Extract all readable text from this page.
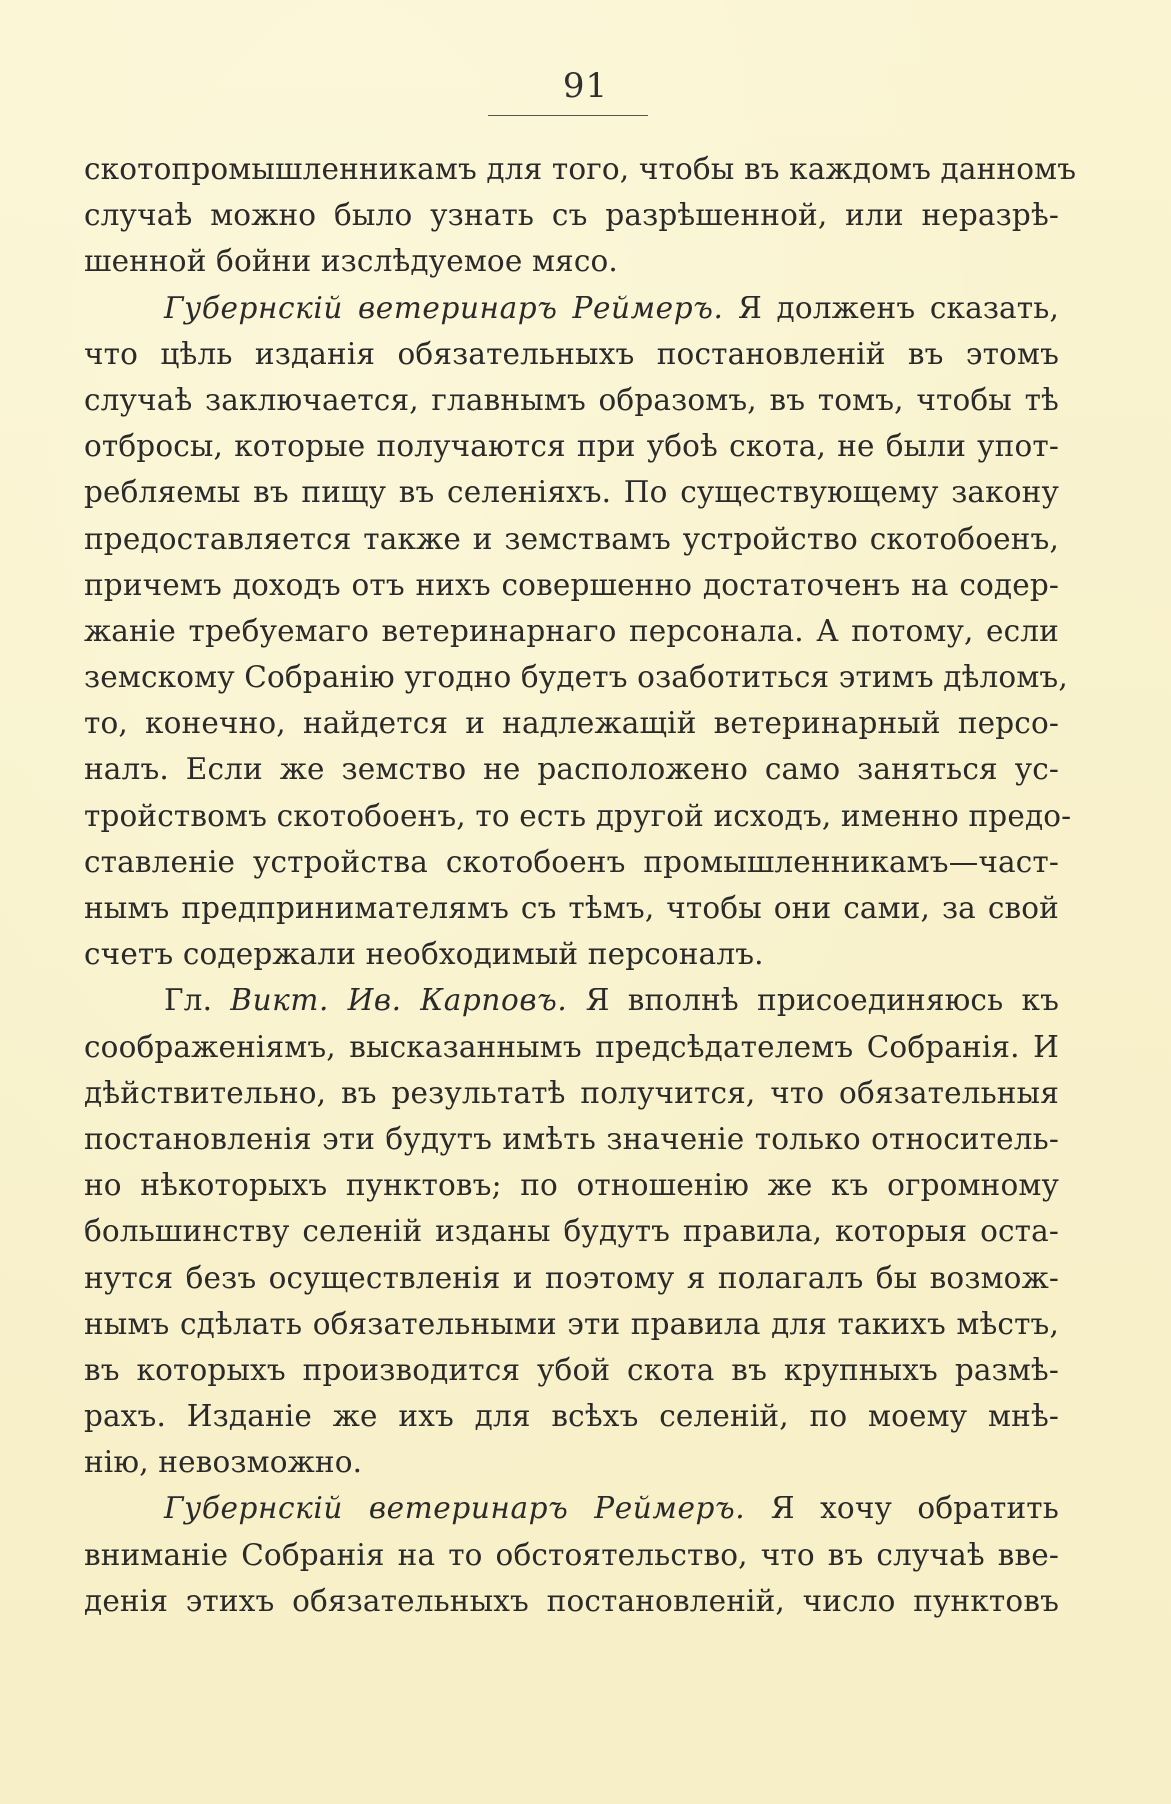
91
скотопромышленникамъ для того, чтобы въ каждомъ данномъ
случаѣ можно было узнать съ разрѣшенной, или неразрѣ-
шенной бойни изслѣдуемое мясо.
Губернскій ветеринаръ Реймеръ. Я долженъ сказать,
что цѣль изданія обязательныхъ постановленій въ этомъ
случаѣ заключается, главнымъ образомъ, въ томъ, чтобы тѣ
отбросы, которые получаются при убоѣ скота, не были упот-
ребляемы въ пищу въ селеніяхъ. По существующему закону
предоставляется также и земствамъ устройство скотобоенъ,
причемъ доходъ отъ нихъ совершенно достаточенъ на содер-
жаніе требуемаго ветеринарнаго персонала. А потому, если
земскому Собранію угодно будетъ озаботиться этимъ дѣломъ,
то, конечно, найдется и надлежащій ветеринарный персо-
налъ. Если же земство не расположено само заняться ус-
тройствомъ скотобоенъ, то есть другой исходъ, именно предо-
ставленіе устройства скотобоенъ промышленникамъ—част-
нымъ предпринимателямъ съ тѣмъ, чтобы они сами, за свой
счетъ содержали необходимый персоналъ.
Гл. Викт. Ив. Карповъ. Я вполнѣ присоединяюсь къ
соображеніямъ, высказаннымъ предсѣдателемъ Собранія. И
дѣйствительно, въ результатѣ получится, что обязательныя
постановленія эти будутъ имѣть значеніе только относитель-
но нѣкоторыхъ пунктовъ; по отношенію же къ огромному
большинству селеній изданы будутъ правила, которыя оста-
нутся безъ осуществленія и поэтому я полагалъ бы возмож-
нымъ сдѣлать обязательными эти правила для такихъ мѣстъ,
въ которыхъ производится убой скота въ крупныхъ размѣ-
рахъ. Изданіе же ихъ для всѣхъ селеній, по моему мнѣ-
нію, невозможно.
Губернскій ветеринаръ Реймеръ. Я хочу обратить
вниманіе Собранія на то обстоятельство, что въ случаѣ вве-
денія этихъ обязательныхъ постановленій, число пунктовъ
